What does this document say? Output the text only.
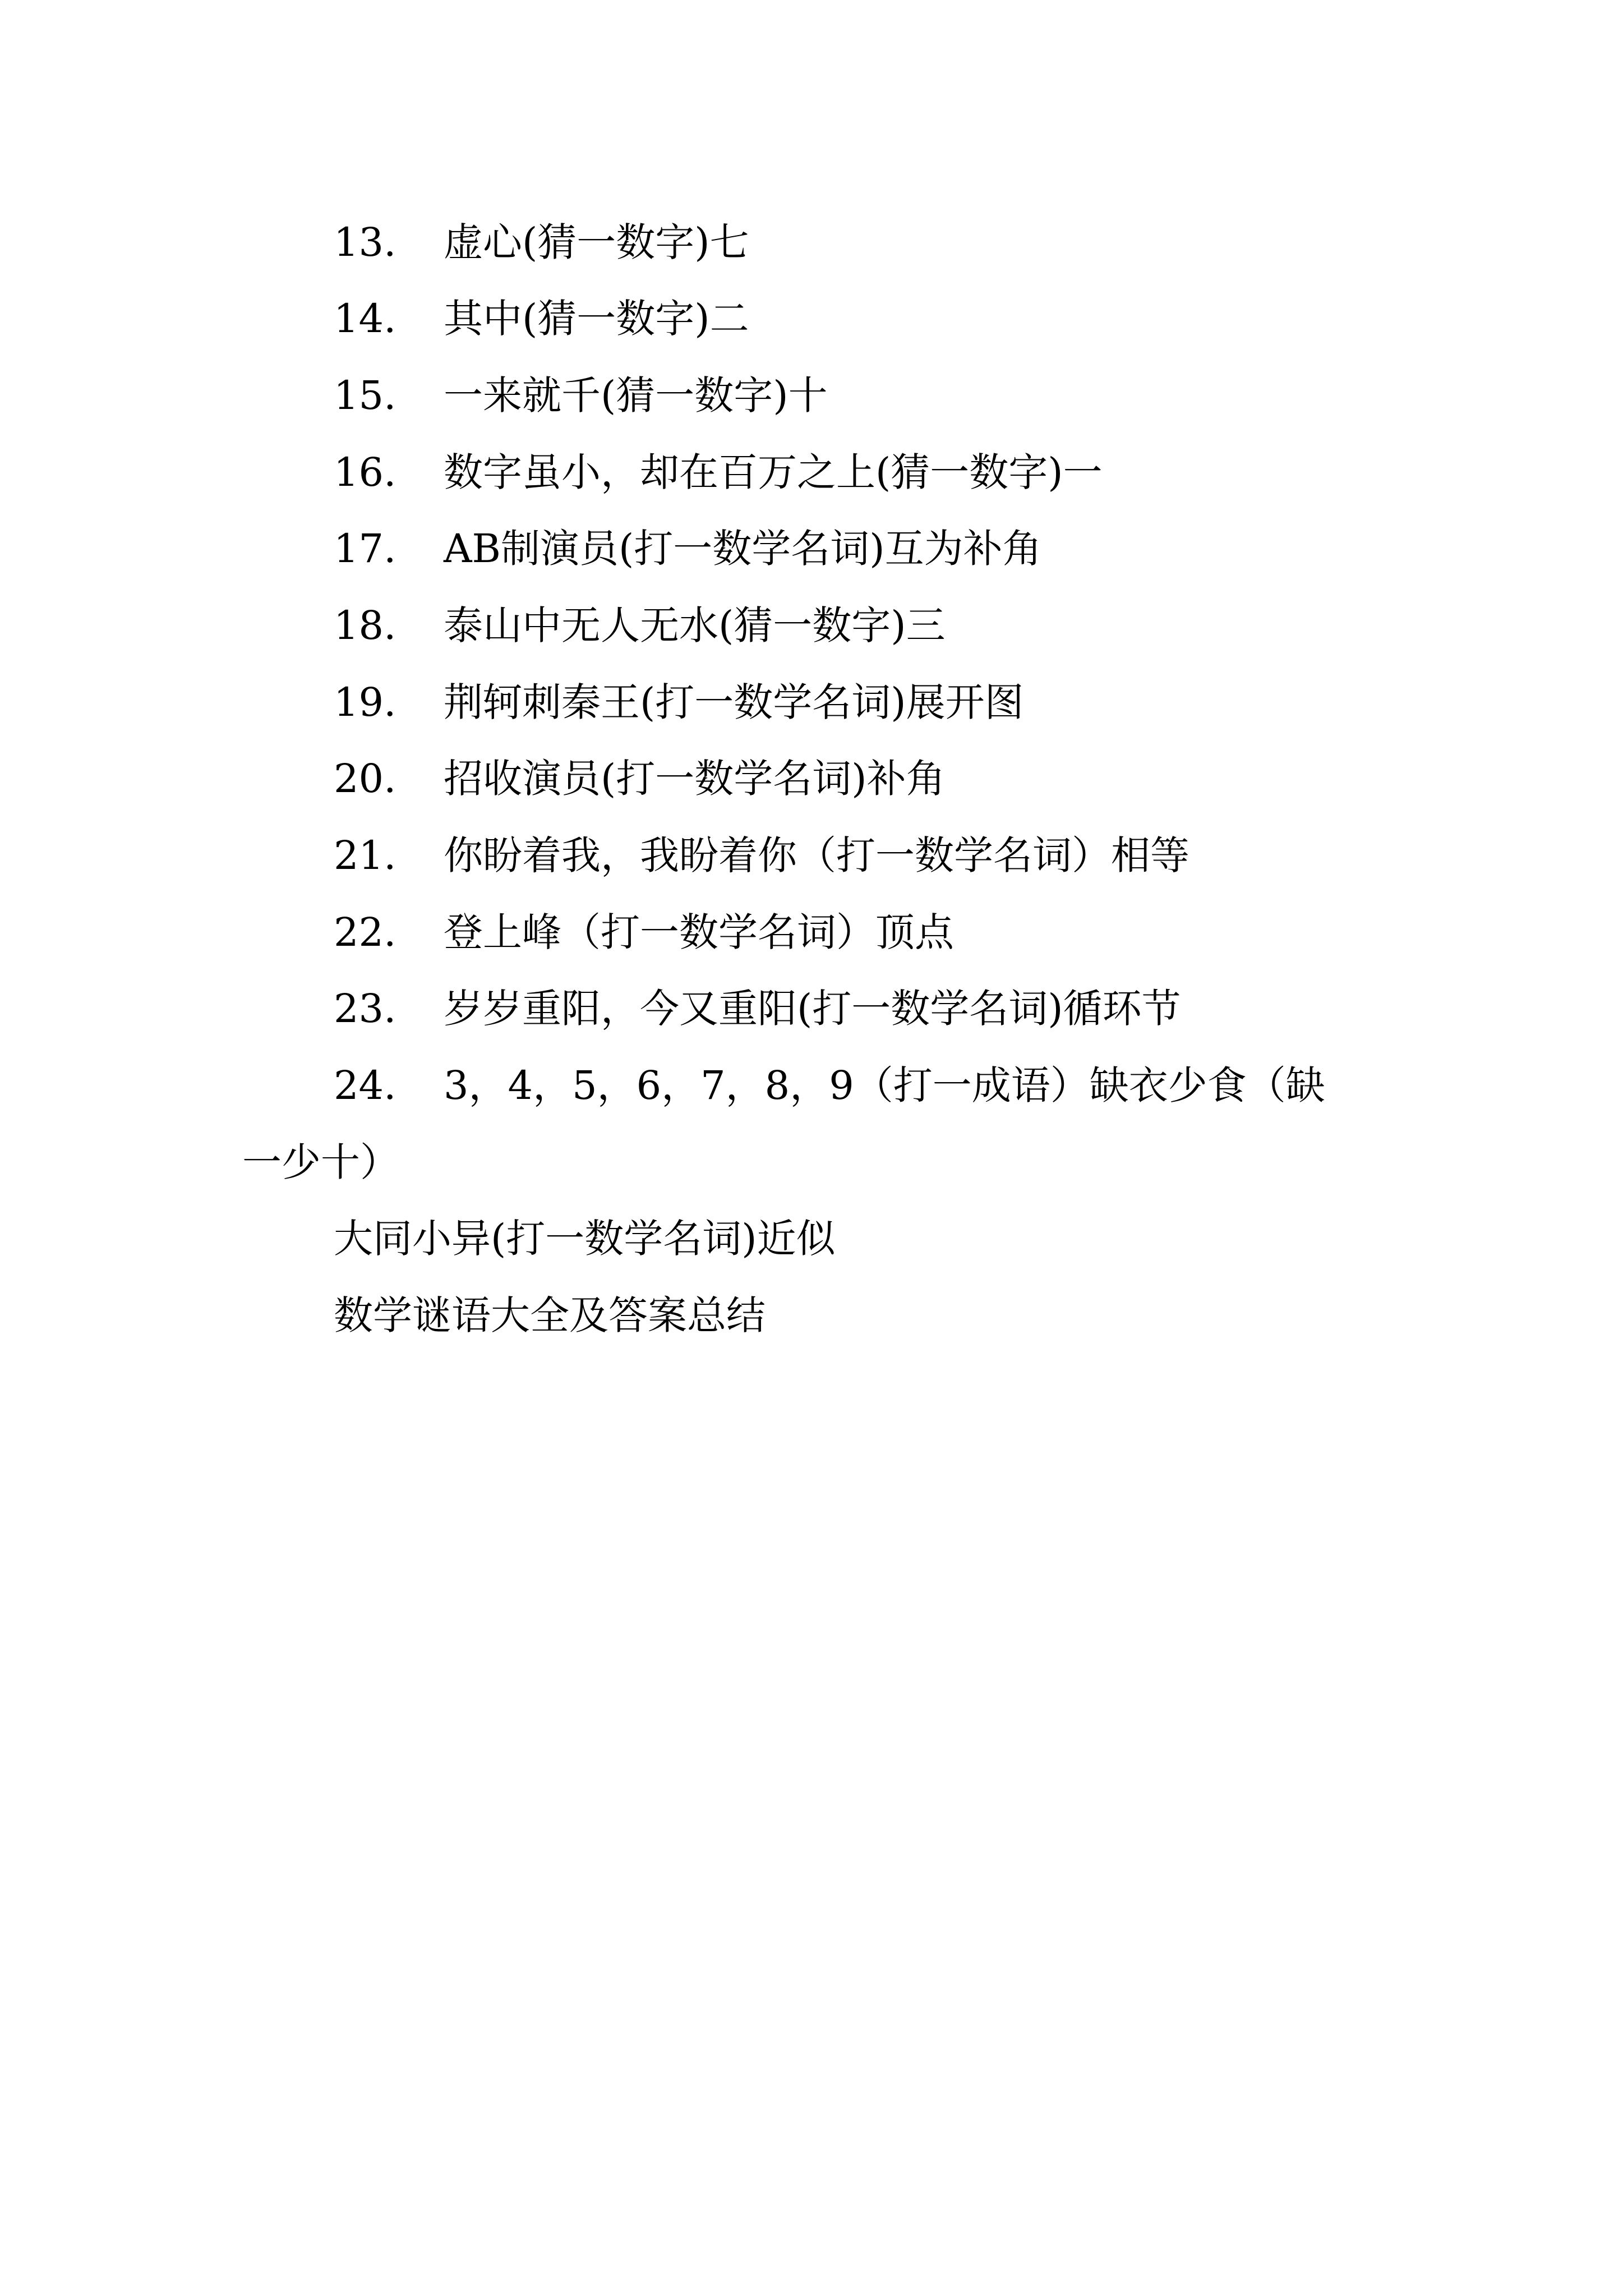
13. 虚心(猜一数字)七
14. 其中(猜一数字)二
15. 一来就千(猜一数字)十
16. 数字虽小，却在百万之上(猜一数字)一
17. AB制演员(打一数学名词)互为补角
18. 泰山中无人无水(猜一数字)三
19. 荆轲刺秦王(打一数学名词)展开图
20. 招收演员(打一数学名词)补角
21. 你盼着我，我盼着你（打一数学名词）相等
22. 登上峰（打一数学名词）顶点
23. 岁岁重阳，今又重阳(打一数学名词)循环节
24. 3，4，5，6，7，8，9（打一成语）缺衣少食（缺
一少十）
大同小异(打一数学名词)近似
数学谜语大全及答案总结
